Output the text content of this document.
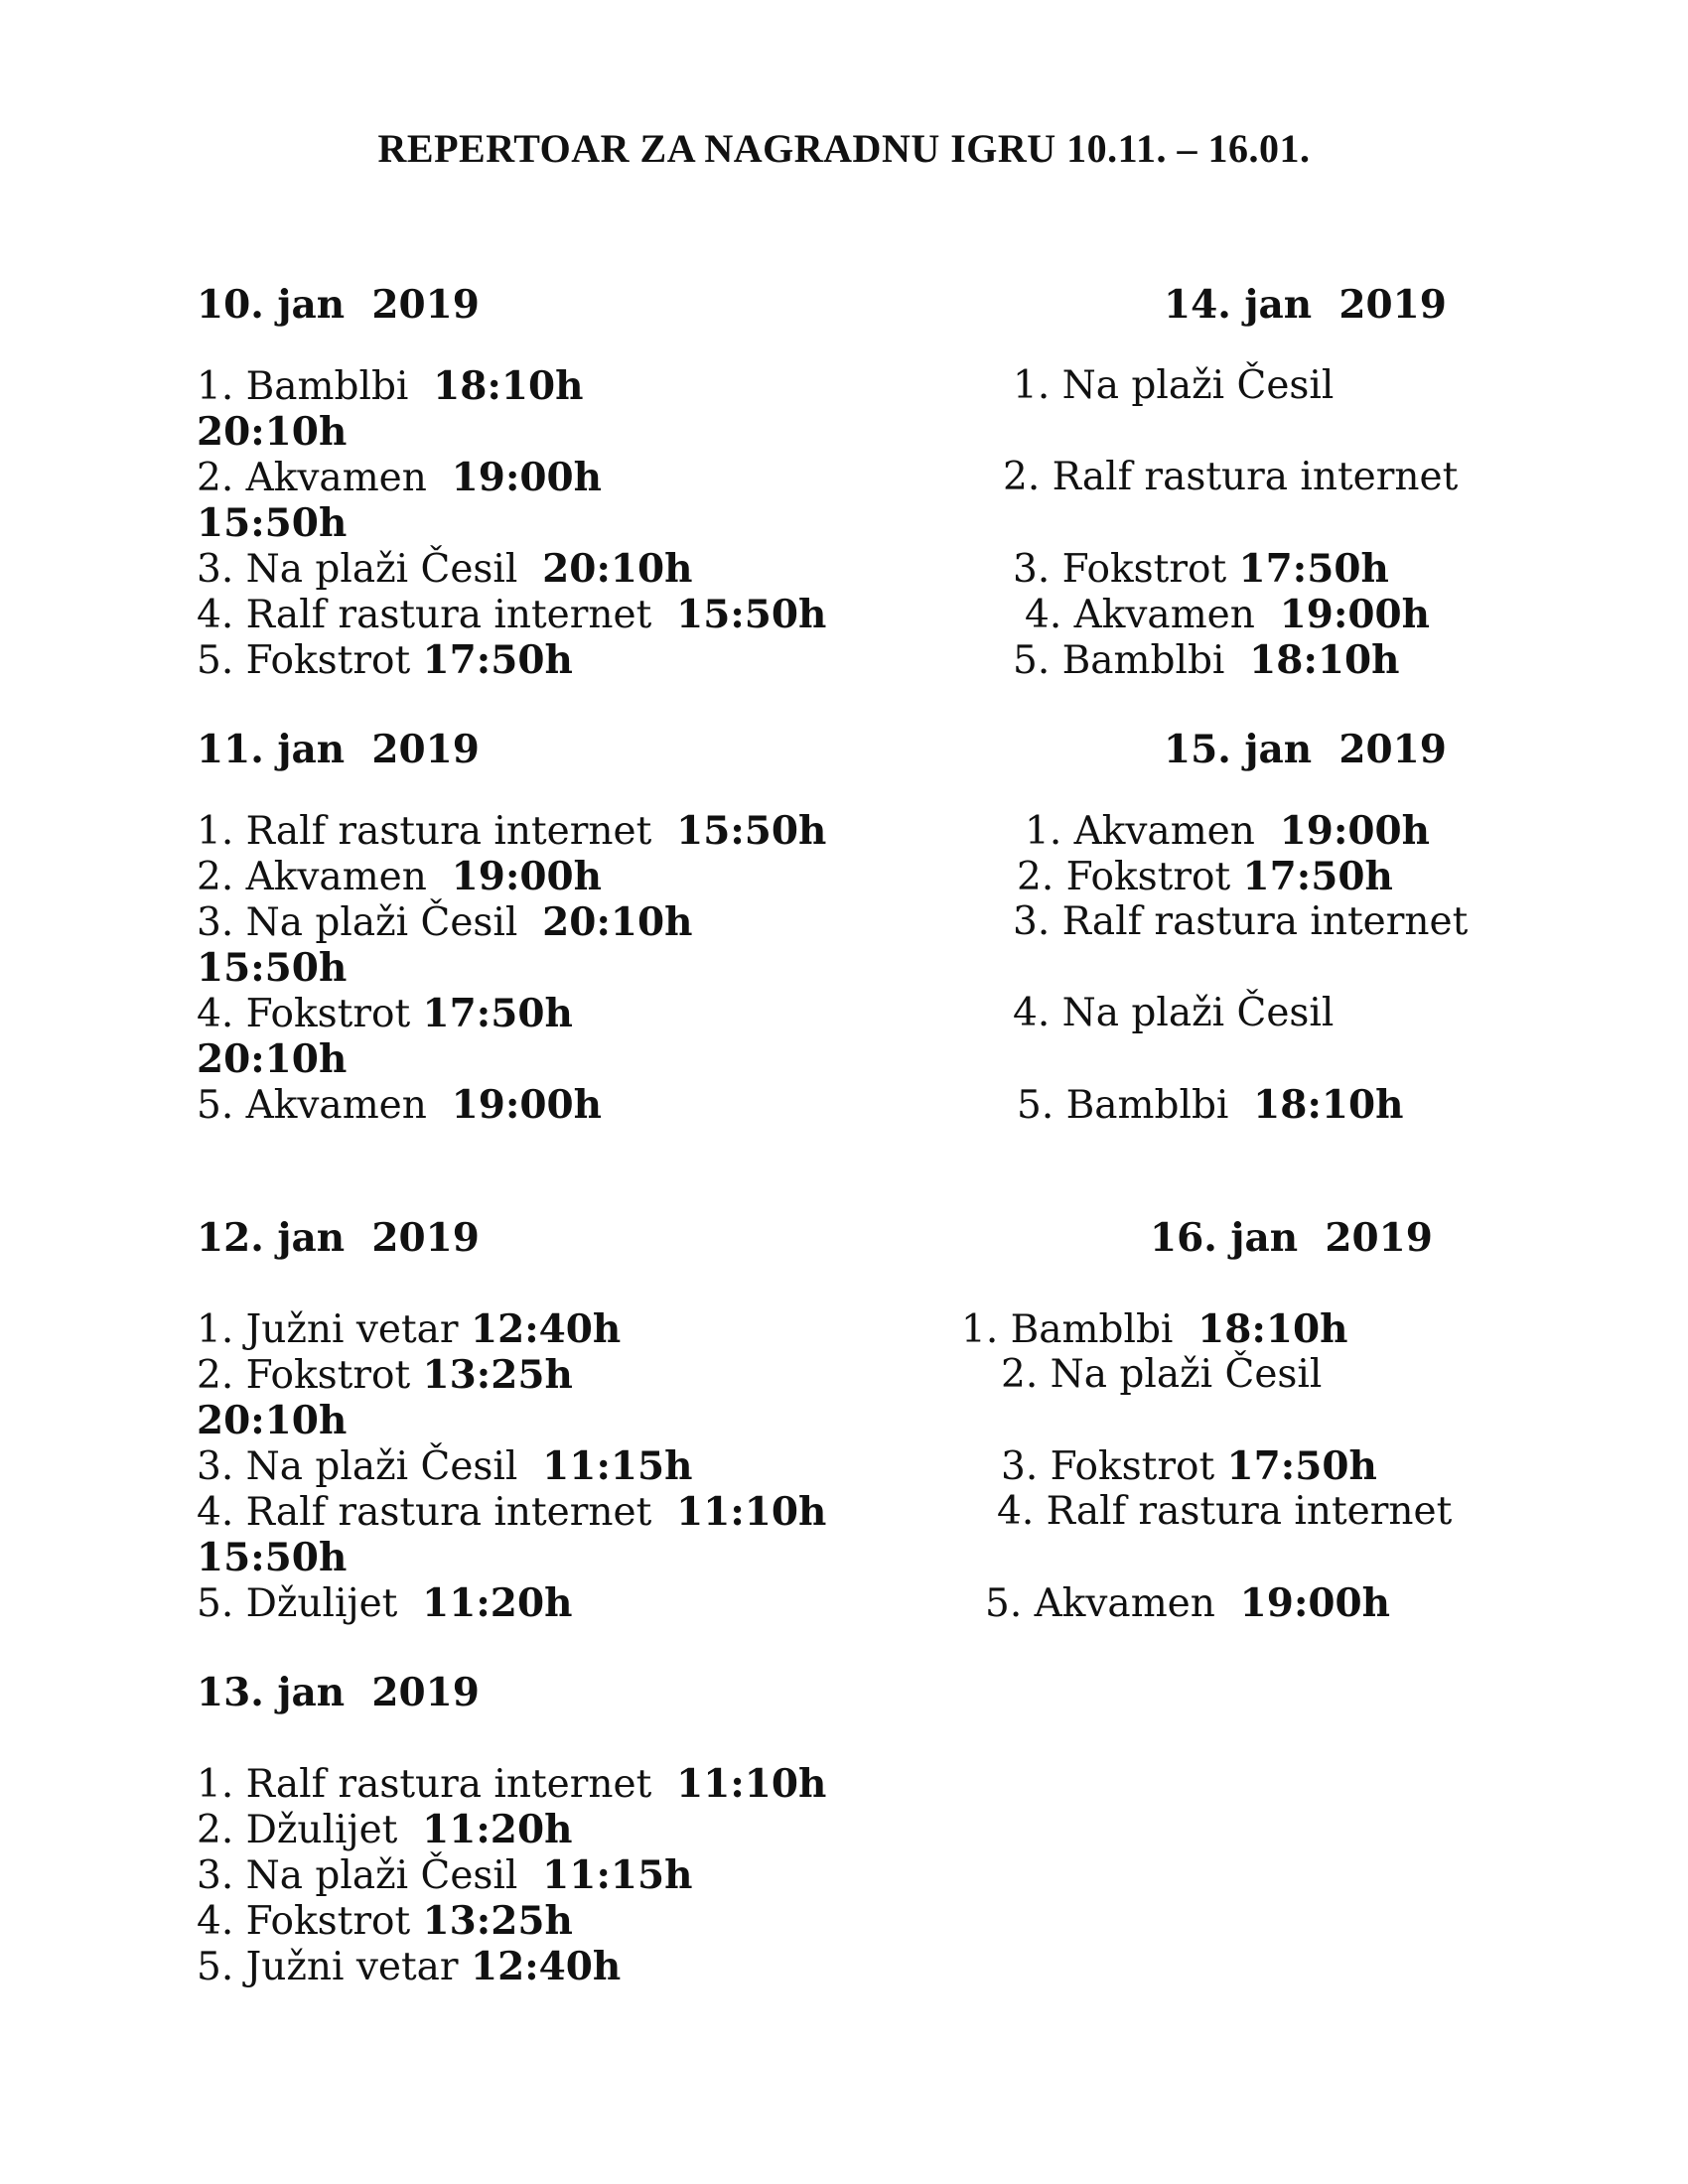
REPERTOAR ZA NAGRADNU IGRU 10.11. – 16.01.
10. jan  2019
1. Bamblbi  18:10h
20:10h
2. Akvamen  19:00h
15:50h
3. Na plaži Česil  20:10h
4. Ralf rastura internet  15:50h
5. Fokstrot 17:50h
11. jan  2019
1. Ralf rastura internet  15:50h
2. Akvamen  19:00h
3. Na plaži Česil  20:10h
15:50h
4. Fokstrot 17:50h
20:10h
5. Akvamen  19:00h
12. jan  2019
1. Južni vetar 12:40h
2. Fokstrot 13:25h
20:10h
3. Na plaži Česil  11:15h
4. Ralf rastura internet  11:10h
15:50h
5. Džulijet  11:20h
13. jan  2019
1. Ralf rastura internet  11:10h
2. Džulijet  11:20h
3. Na plaži Česil  11:15h
4. Fokstrot 13:25h
5. Južni vetar 12:40h
14. jan  2019
1. Na plaži Česil
2. Ralf rastura internet
3. Fokstrot 17:50h
4. Akvamen  19:00h
5. Bamblbi  18:10h
15. jan  2019
1. Akvamen  19:00h
2. Fokstrot 17:50h
3. Ralf rastura internet
4. Na plaži Česil
5. Bamblbi  18:10h
16. jan  2019
1. Bamblbi  18:10h
2. Na plaži Česil
3. Fokstrot 17:50h
4. Ralf rastura internet
5. Akvamen  19:00h
